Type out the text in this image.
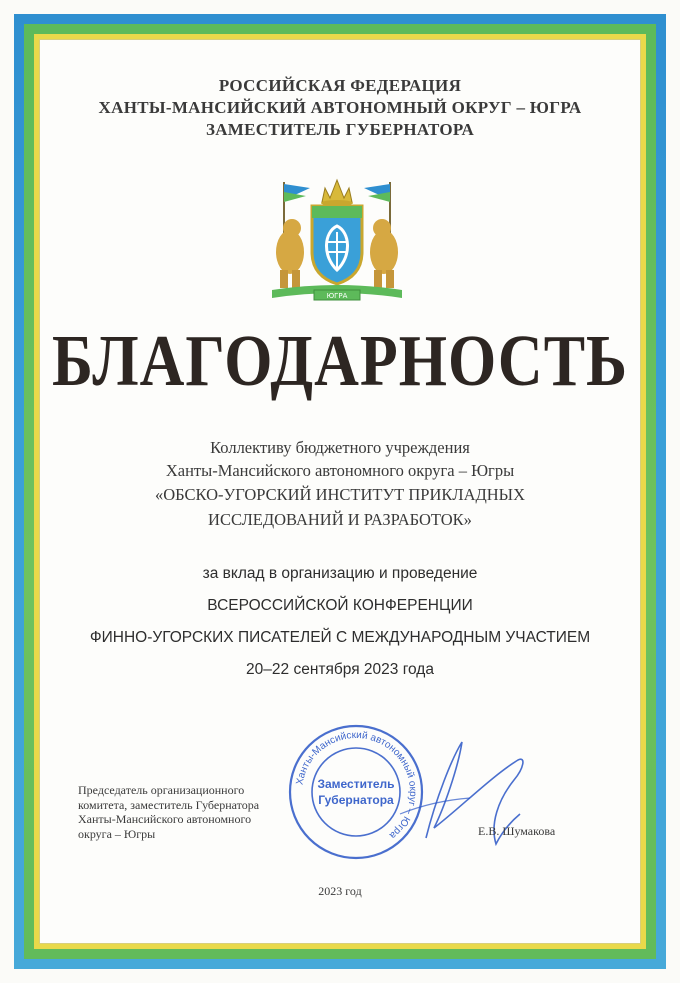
РОССИЙСКАЯ ФЕДЕРАЦИЯ
ХАНТЫ-МАНСИЙСКИЙ АВТОНОМНЫЙ ОКРУГ – ЮГРА
ЗАМЕСТИТЕЛЬ ГУБЕРНАТОРА
ЮГРА
БЛАГОДАРНОСТЬ
Коллективу бюджетного учреждения
Ханты-Мансийского автономного округа – Югры
«ОБСКО-УГОРСКИЙ ИНСТИТУТ ПРИКЛАДНЫХ
ИССЛЕДОВАНИЙ И РАЗРАБОТОК»
за вклад в организацию и проведение
ВСЕРОССИЙСКОЙ КОНФЕРЕНЦИИ
ФИННО-УГОРСКИХ ПИСАТЕЛЕЙ С МЕЖДУНАРОДНЫМ УЧАСТИЕМ
20–22 сентября 2023 года
Председатель организационного
комитета, заместитель Губернатора
Ханты-Мансийского автономного
округа – Югры
Ханты-Мансийский автономный округ – Югра
Заместитель
Губернатора
Е.В. Шумакова
2023 год
